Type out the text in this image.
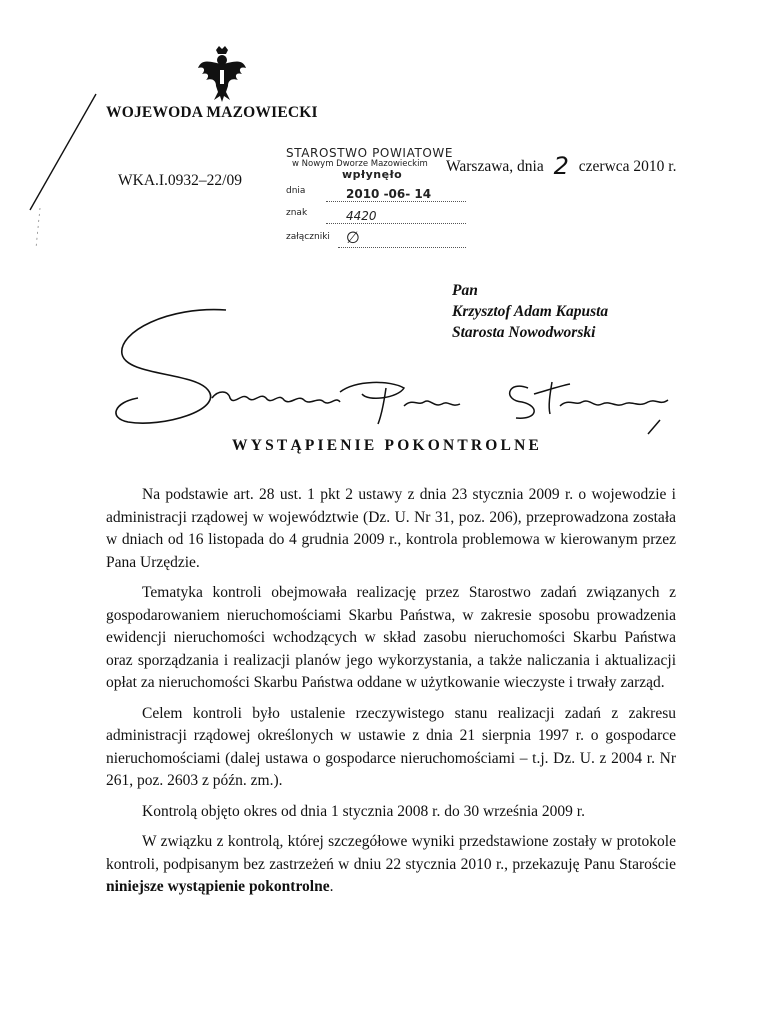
WOJEWODA MAZOWIECKI
WKA.I.0932–22/09
Warszawa, dnia 2 czerwca 2010 r.
STAROSTWO POWIATOWE
w Nowym Dworze Mazowieckim
wpłynęło
dnia	2010 -06- 14
znak	4420
załączniki ∅
Pan
Krzysztof Adam Kapusta
Starosta Nowodworski
WYSTĄPIENIE POKONTROLNE

Na podstawie art. 28 ust. 1 pkt 2 ustawy z dnia 23 stycznia 2009 r. o wojewodzie i administracji rządowej w województwie (Dz. U. Nr 31, poz. 206), przeprowadzona została w dniach od 16 listopada do 4 grudnia 2009 r., kontrola problemowa w kierowanym przez Pana Urzędzie.

Tematyka kontroli obejmowała realizację przez Starostwo zadań związanych z gospodarowaniem nieruchomościami Skarbu Państwa, w zakresie sposobu prowadzenia ewidencji nieruchomości wchodzących w skład zasobu nieruchomości Skarbu Państwa oraz sporządzania i realizacji planów jego wykorzystania, a także naliczania i aktualizacji opłat za nieruchomości Skarbu Państwa oddane w użytkowanie wieczyste i trwały zarząd.

Celem kontroli było ustalenie rzeczywistego stanu realizacji zadań z zakresu administracji rządowej określonych w ustawie z dnia 21 sierpnia 1997 r. o gospodarce nieruchomościami (dalej ustawa o gospodarce nieruchomościami – t.j. Dz. U. z 2004 r. Nr 261, poz. 2603 z późn. zm.).

Kontrolą objęto okres od dnia 1 stycznia 2008 r. do 30 września 2009 r.

W związku z kontrolą, której szczegółowe wyniki przedstawione zostały w protokole kontroli, podpisanym bez zastrzeżeń w dniu 22 stycznia 2010 r., przekazuję Panu Staroście niniejsze wystąpienie pokontrolne.
